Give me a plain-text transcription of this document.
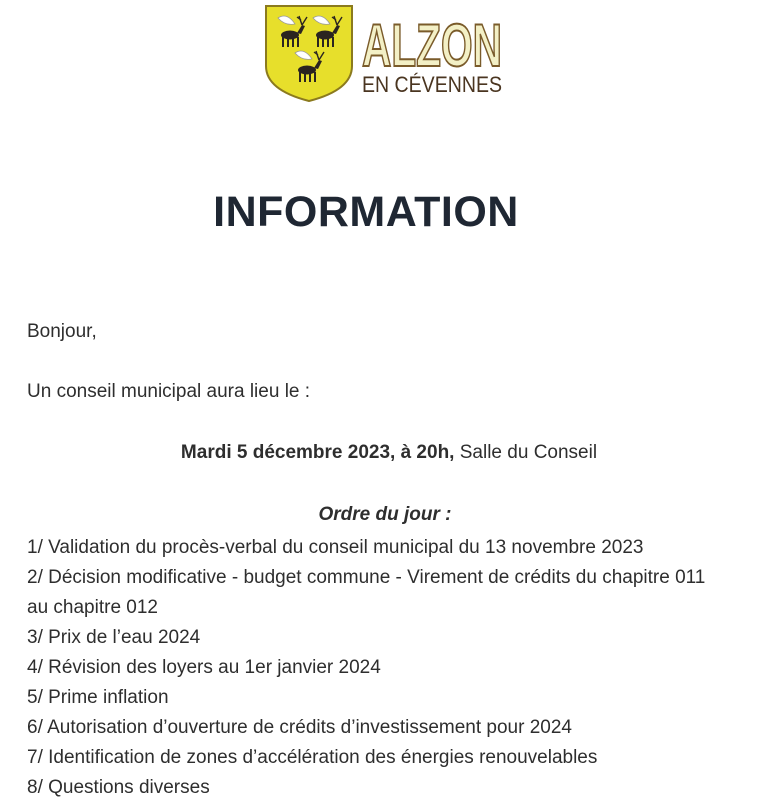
ALZON
EN CÉVENNES
INFORMATION
Bonjour,
Un conseil municipal aura lieu le :
Mardi 5 décembre 2023, à 20h, Salle du Conseil
Ordre du jour :
1/ Validation du procès-verbal du conseil municipal du 13 novembre 2023
2/ Décision modificative - budget commune - Virement de crédits du chapitre 011 au chapitre 012
3/ Prix de l’eau 2024
4/ Révision des loyers au 1er janvier 2024
5/ Prime inflation
6/ Autorisation d’ouverture de crédits d’investissement pour 2024
7/ Identification de zones d’accélération des énergies renouvelables
8/ Questions diverses
